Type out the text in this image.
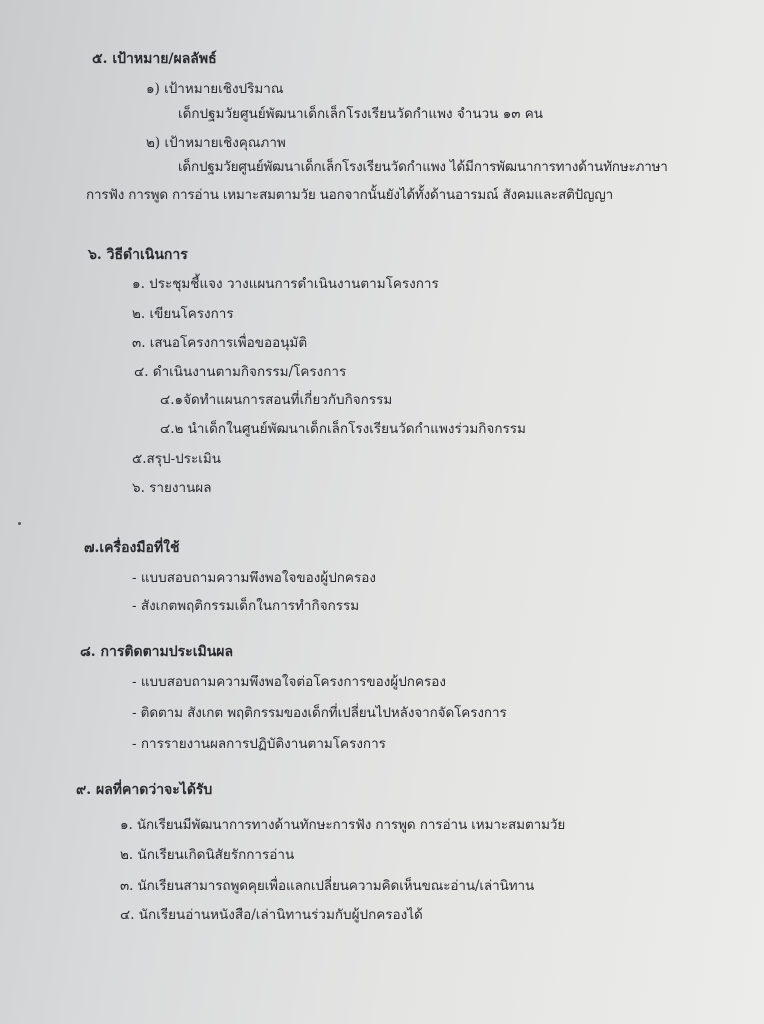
๕. เป้าหมาย/ผลลัพธ์
๑) เป้าหมายเชิงปริมาณ
เด็กปฐมวัยศูนย์พัฒนาเด็กเล็กโรงเรียนวัดกำแพง จำนวน ๑๓ คน
๒) เป้าหมายเชิงคุณภาพ
เด็กปฐมวัยศูนย์พัฒนาเด็กเล็กโรงเรียนวัดกำแพง ได้มีการพัฒนาการทางด้านทักษะภาษา
การฟัง การพูด การอ่าน เหมาะสมตามวัย นอกจากนั้นยังได้ทั้งด้านอารมณ์ สังคมและสติปัญญา
๖. วิธีดำเนินการ
๑. ประชุมชี้แจง วางแผนการดำเนินงานตามโครงการ
๒. เขียนโครงการ
๓. เสนอโครงการเพื่อขออนุมัติ
๔. ดำเนินงานตามกิจกรรม/โครงการ
๔.๑จัดทำแผนการสอนที่เกี่ยวกับกิจกรรม
๔.๒ นำเด็กในศูนย์พัฒนาเด็กเล็กโรงเรียนวัดกำแพงร่วมกิจกรรม
๕.สรุป-ประเมิน
๖. รายงานผล
๗.เครื่องมือที่ใช้
- แบบสอบถามความพึงพอใจของผู้ปกครอง
- สังเกตพฤติกรรมเด็กในการทำกิจกรรม
๘. การติดตามประเมินผล
- แบบสอบถามความพึงพอใจต่อโครงการของผู้ปกครอง
- ติดตาม สังเกต พฤติกรรมของเด็กที่เปลี่ยนไปหลังจากจัดโครงการ
- การรายงานผลการปฏิบัติงานตามโครงการ
๙. ผลที่คาดว่าจะได้รับ
๑. นักเรียนมีพัฒนาการทางด้านทักษะการฟัง การพูด การอ่าน เหมาะสมตามวัย
๒. นักเรียนเกิดนิสัยรักการอ่าน
๓. นักเรียนสามารถพูดคุยเพื่อแลกเปลี่ยนความคิดเห็นขณะอ่าน/เล่านิทาน
๔. นักเรียนอ่านหนังสือ/เล่านิทานร่วมกับผู้ปกครองได้
